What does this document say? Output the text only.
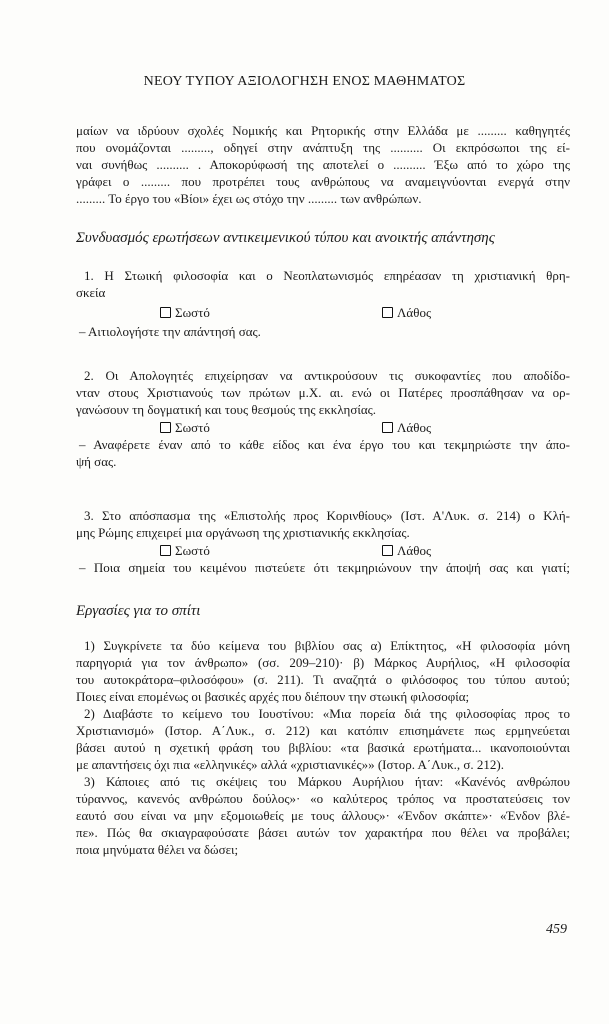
ΝΕΟΥ ΤΥΠΟΥ ΑΞΙΟΛΟΓΗΣΗ ΕΝΟΣ ΜΑΘΗΜΑΤΟΣ
μαίων να ιδρύουν σχολές Νομικής και Ρητορικής στην Ελλάδα με ......... καθηγητές
που ονομάζονται ........., οδηγεί στην ανάπτυξη της .......... Οι εκπρόσωποι της εί-
ναι συνήθως .......... . Αποκορύφωσή της αποτελεί ο .......... Έξω από το χώρο της
γράφει ο ......... που προτρέπει τους ανθρώπους να αναμειγνύονται ενεργά στην
......... Το έργο του «Βίοι» έχει ως στόχο την ......... των ανθρώπων.
Συνδυασμός ερωτήσεων αντικειμενικού τύπου και ανοικτής απάντησης
1. Η Στωική φιλοσοφία και ο Νεοπλατωνισμός επηρέασαν τη χριστιανική θρη-
σκεία
Σωστό	Λάθος
– Αιτιολογήστε την απάντησή σας.
2. Οι Απολογητές επιχείρησαν να αντικρούσουν τις συκοφαντίες που αποδίδο-
νταν στους Χριστιανούς των πρώτων μ.Χ. αι. ενώ οι Πατέρες προσπάθησαν να ορ-
γανώσουν τη δογματική και τους θεσμούς της εκκλησίας.
Σωστό	Λάθος
– Αναφέρετε έναν από το κάθε είδος και ένα έργο του και τεκμηριώστε την άπο-
ψή σας.
3. Στο απόσπασμα της «Επιστολής προς Κορινθίους» (Ιστ. Α'Λυκ. σ. 214) ο Κλή-
μης Ρώμης επιχειρεί μια οργάνωση της χριστιανικής εκκλησίας.
Σωστό	Λάθος
– Ποια σημεία του κειμένου πιστεύετε ότι τεκμηριώνουν την άποψή σας και γιατί;
Εργασίες για το σπίτι
1) Συγκρίνετε τα δύο κείμενα του βιβλίου σας α) Επίκτητος, «Η φιλοσοφία μόνη
παρηγοριά για τον άνθρωπο» (σσ. 209–210)· β) Μάρκος Αυρήλιος, «Η φιλοσοφία
του αυτοκράτορα–φιλοσόφου» (σ. 211). Τι αναζητά ο φιλόσοφος του τύπου αυτού;
Ποιες είναι επομένως οι βασικές αρχές που διέπουν την στωική φιλοσοφία;
2) Διαβάστε το κείμενο του Ιουστίνου: «Μια πορεία διά της φιλοσοφίας προς το
Χριστιανισμό» (Ιστορ. Α΄Λυκ., σ. 212) και κατόπιν επισημάνετε πως ερμηνεύεται
βάσει αυτού η σχετική φράση του βιβλίου: «τα βασικά ερωτήματα... ικανοποιούνται
με απαντήσεις όχι πια «ελληνικές» αλλά «χριστιανικές»» (Ιστορ. Α΄Λυκ., σ. 212).
3) Κάποιες από τις σκέψεις του Μάρκου Αυρήλιου ήταν: «Κανένός ανθρώπου
τύραννος, κανενός ανθρώπου δούλος»· «ο καλύτερος τρόπος να προστατεύσεις τον
εαυτό σου είναι να μην εξομοιωθείς με τους άλλους»· «Ένδον σκάπτε»· «Ένδον βλέ-
πε». Πώς θα σκιαγραφούσατε βάσει αυτών τον χαρακτήρα που θέλει να προβάλει;
ποια μηνύματα θέλει να δώσει;
459
